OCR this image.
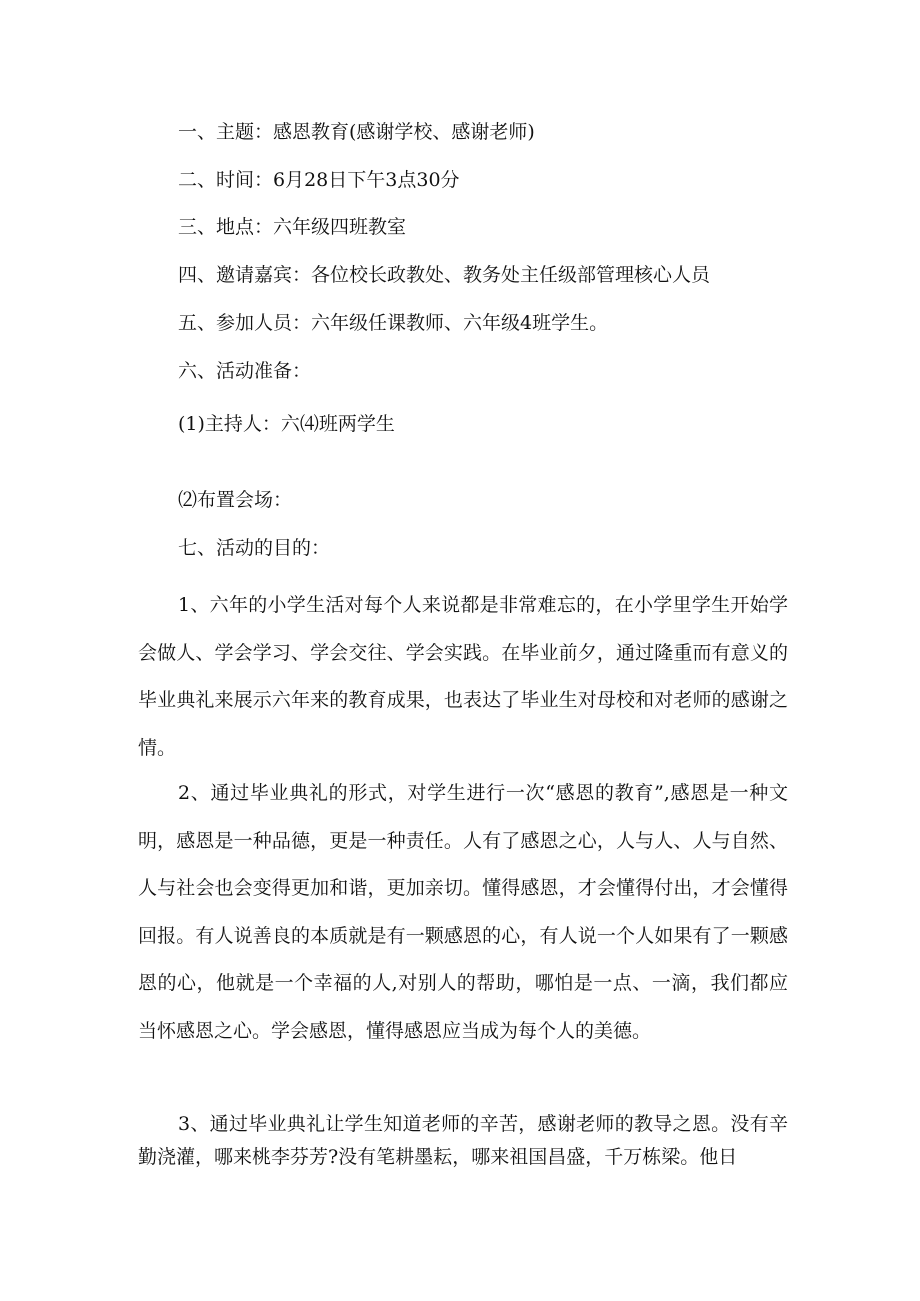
一、主题：感恩教育(感谢学校、感谢老师)
二、时间：6月28日下午3点30分
三、地点：六年级四班教室
四、邀请嘉宾：各位校长政教处、教务处主任级部管理核心人员
五、参加人员：六年级任课教师、六年级4班学生。
六、活动准备：
(1)主持人：六⑷班两学生
⑵布置会场：
七、活动的目的：

1、六年的小学生活对每个人来说都是非常难忘的，在小学里学生开始学会做人、学会学习、学会交往、学会实践。在毕业前夕，通过隆重而有意义的毕业典礼来展示六年来的教育成果，也表达了毕业生对母校和对老师的感谢之情。

2、通过毕业典礼的形式，对学生进行一次“感恩的教育”,感恩是一种文明，感恩是一种品德，更是一种责任。人有了感恩之心，人与人、人与自然、人与社会也会变得更加和谐，更加亲切。懂得感恩，才会懂得付出，才会懂得回报。有人说善良的本质就是有一颗感恩的心，有人说一个人如果有了一颗感恩的心，他就是一个幸福的人,对别人的帮助，哪怕是一点、一滴，我们都应当怀感恩之心。学会感恩，懂得感恩应当成为每个人的美德。

3、通过毕业典礼让学生知道老师的辛苦，感谢老师的教导之恩。没有辛勤浇灌，哪来桃李芬芳?没有笔耕墨耘，哪来祖国昌盛，千万栋梁。他日
